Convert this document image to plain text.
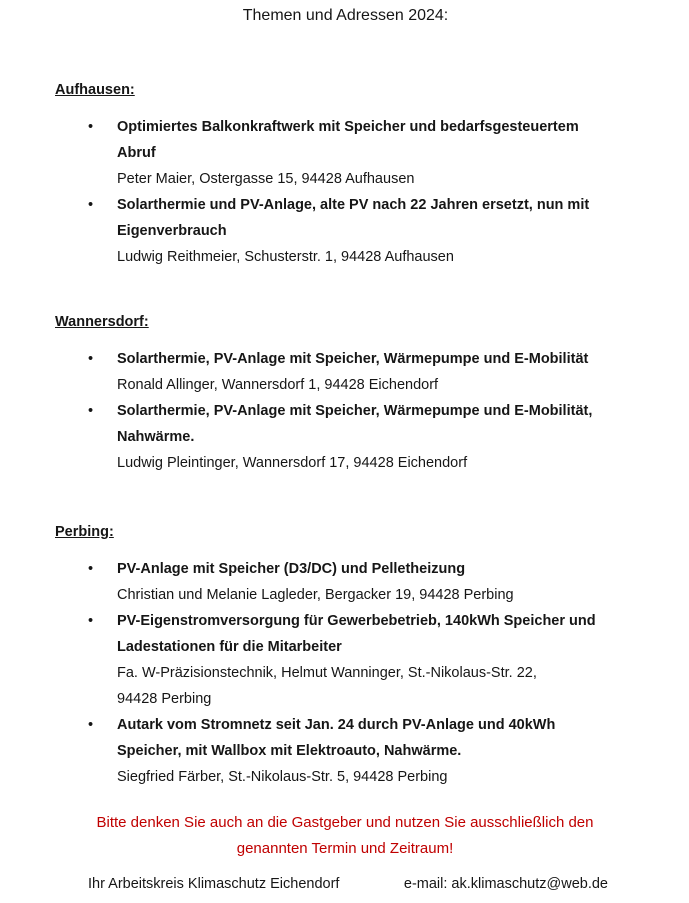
Themen und Adressen 2024:
Aufhausen:
• Optimiertes Balkonkraftwerk mit Speicher und bedarfsgesteuertem
Abruf
Peter Maier, Ostergasse 15, 94428 Aufhausen
• Solarthermie und PV-Anlage, alte PV nach 22 Jahren ersetzt, nun mit
Eigenverbrauch
Ludwig Reithmeier, Schusterstr. 1, 94428 Aufhausen
Wannersdorf:
• Solarthermie, PV-Anlage mit Speicher, Wärmepumpe und E-Mobilität
Ronald Allinger, Wannersdorf 1, 94428 Eichendorf
• Solarthermie, PV-Anlage mit Speicher, Wärmepumpe und E-Mobilität,
Nahwärme.
Ludwig Pleintinger, Wannersdorf 17, 94428 Eichendorf
Perbing:
• PV-Anlage mit Speicher (D3/DC) und Pelletheizung
Christian und Melanie Lagleder, Bergacker 19, 94428 Perbing
• PV-Eigenstromversorgung für Gewerbebetrieb, 140kWh Speicher und
Ladestationen für die Mitarbeiter
Fa. W-Präzisionstechnik, Helmut Wanninger, St.-Nikolaus-Str. 22,
94428 Perbing
• Autark vom Stromnetz seit Jan. 24 durch PV-Anlage und 40kWh
Speicher, mit Wallbox mit Elektroauto, Nahwärme.
Siegfried Färber, St.-Nikolaus-Str. 5, 94428 Perbing
Bitte denken Sie auch an die Gastgeber und nutzen Sie ausschließlich den
genannten Termin und Zeitraum!
Ihr Arbeitskreis Klimaschutz Eichendorf	e-mail: ak.klimaschutz@web.de
